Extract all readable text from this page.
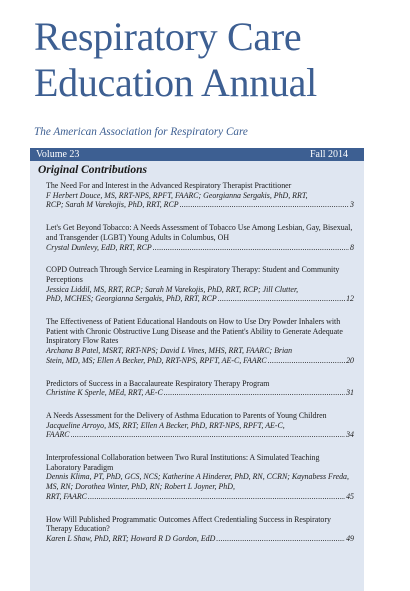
Respiratory Care
Education Annual
The American Association for Respiratory Care
Volume 23	Fall 2014
Original Contributions

The Need For and Interest in the Advanced Respiratory Therapist Practitioner

F Herbert Douce, MS, RRT-NPS, RPFT, FAARC; Georgianna Sergakis, PhD, RRT,

RCP; Sarah M Varekojis, PhD, RRT, RCP .....	3

Let's Get Beyond Tobacco: A Needs Assessment of Tobacco Use Among Lesbian, Gay, Bisexual, and Transgender (LGBT) Young Adults in Columbus, OH

Crystal Dunlevy, EdD, RRT, RCP .....	8

COPD Outreach Through Service Learning in Respiratory Therapy: Student and Community Perceptions

Jessica Liddil, MS, RRT, RCP; Sarah M Varekojis, PhD, RRT, RCP; Jill Clutter,

PhD, MCHES; Georgianna Sergakis, PhD, RRT, RCP .....	12

The Effectiveness of Patient Educational Handouts on How to Use Dry Powder Inhalers with Patient with Chronic Obstructive Lung Disease and the Patient's Ability to Generate Adequate Inspiratory Flow Rates

Archana B Patel, MSRT, RRT-NPS; David L Vines, MHS, RRT, FAARC; Brian

Stein, MD, MS; Ellen A Becker, PhD, RRT-NPS, RPFT, AE-C, FAARC .....	20

Predictors of Success in a Baccalaureate Respiratory Therapy Program

Christine K Sperle, MEd, RRT, AE-C .....	31

A Needs Assessment for the Delivery of Asthma Education to Parents of Young Children

Jacqueline Arroyo, MS, RRT; Ellen A Becker, PhD, RRT-NPS, RPFT, AE-C,

FAARC .....	34

Interprofessional Collaboration between Two Rural Institutions: A Simulated Teaching Laboratory Paradigm

Dennis Klima, PT, PhD, GCS, NCS; Katherine A Hinderer, PhD, RN, CCRN; Kaynabess Freda, MS, RN; Dorothea Winter, PhD, RN; Robert L Joyner, PhD,

RRT, FAARC .....	45

How Will Published Programmatic Outcomes Affect Credentialing Success in Respiratory Therapy Education?

Karen L Shaw, PhD, RRT; Howard R D Gordon, EdD .....	49
